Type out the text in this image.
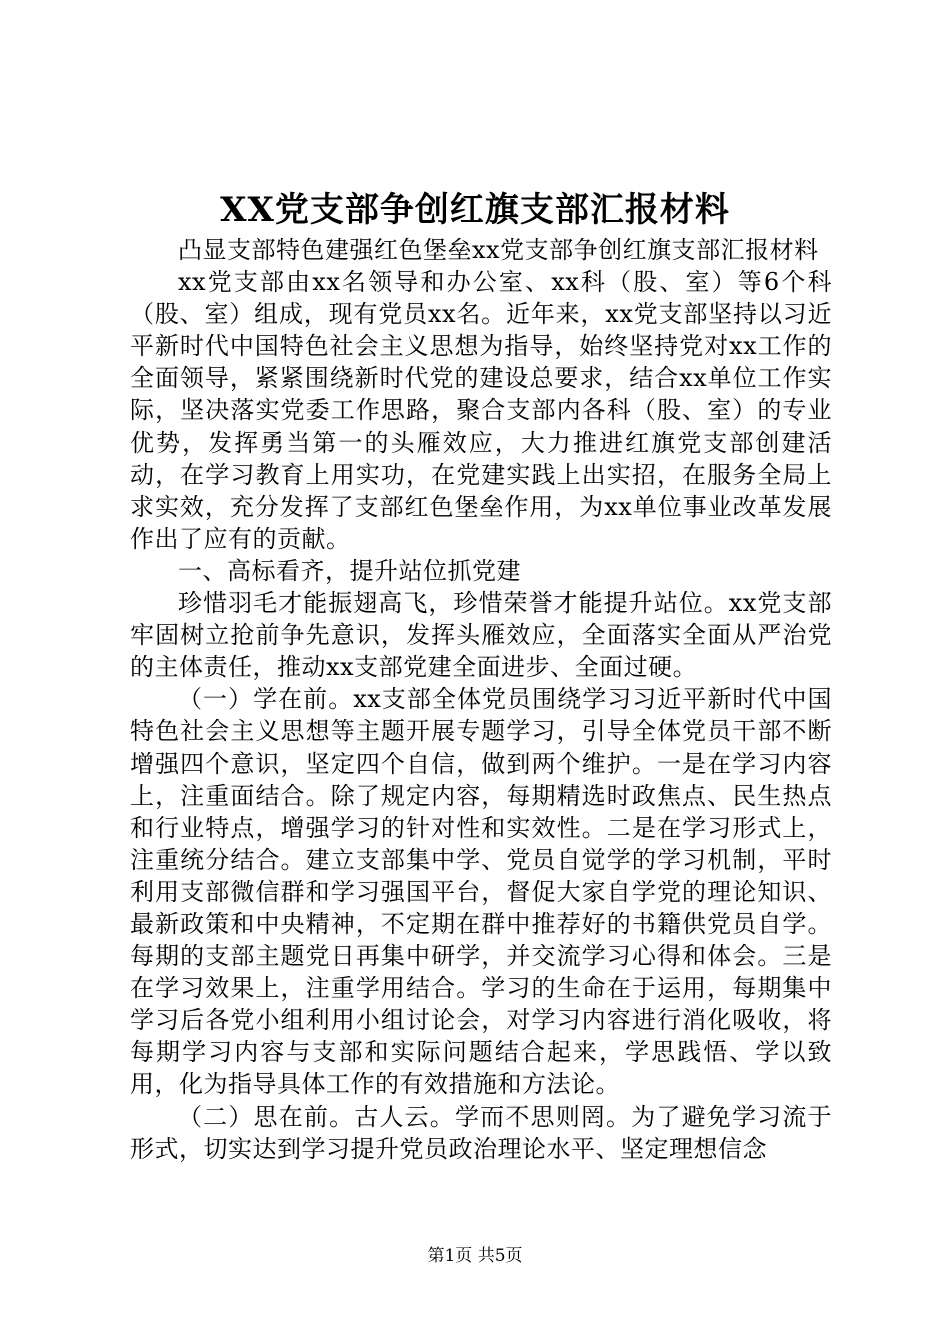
XX党支部争创红旗支部汇报材料

凸显支部特色建强红色堡垒xx党支部争创红旗支部汇报材料

xx党支部由xx名领导和办公室、xx科（股、室）等6个科（股、室）组成，现有党员xx名。近年来，xx党支部坚持以习近平新时代中国特色社会主义思想为指导，始终坚持党对xx工作的全面领导，紧紧围绕新时代党的建设总要求，结合xx单位工作实际，坚决落实党委工作思路，聚合支部内各科（股、室）的专业优势，发挥勇当第一的头雁效应，大力推进红旗党支部创建活动，在学习教育上用实功，在党建实践上出实招，在服务全局上求实效，充分发挥了支部红色堡垒作用，为xx单位事业改革发展作出了应有的贡献。

一、高标看齐，提升站位抓党建

珍惜羽毛才能振翅高飞，珍惜荣誉才能提升站位。xx党支部牢固树立抢前争先意识，发挥头雁效应，全面落实全面从严治党的主体责任，推动xx支部党建全面进步、全面过硬。

（一）学在前。xx支部全体党员围绕学习习近平新时代中国特色社会主义思想等主题开展专题学习，引导全体党员干部不断增强四个意识，坚定四个自信，做到两个维护。一是在学习内容上，注重面结合。除了规定内容，每期精选时政焦点、民生热点和行业特点，增强学习的针对性和实效性。二是在学习形式上，注重统分结合。建立支部集中学、党员自觉学的学习机制，平时利用支部微信群和学习强国平台，督促大家自学党的理论知识、最新政策和中央精神，不定期在群中推荐好的书籍供党员自学。每期的支部主题党日再集中研学，并交流学习心得和体会。三是在学习效果上，注重学用结合。学习的生命在于运用，每期集中学习后各党小组利用小组讨论会，对学习内容进行消化吸收，将每期学习内容与支部和实际问题结合起来，学思践悟、学以致用，化为指导具体工作的有效措施和方法论。

（二）思在前。古人云。学而不思则罔。为了避免学习流于形式，切实达到学习提升党员政治理论水平、坚定理想信念

第1页 共5页
